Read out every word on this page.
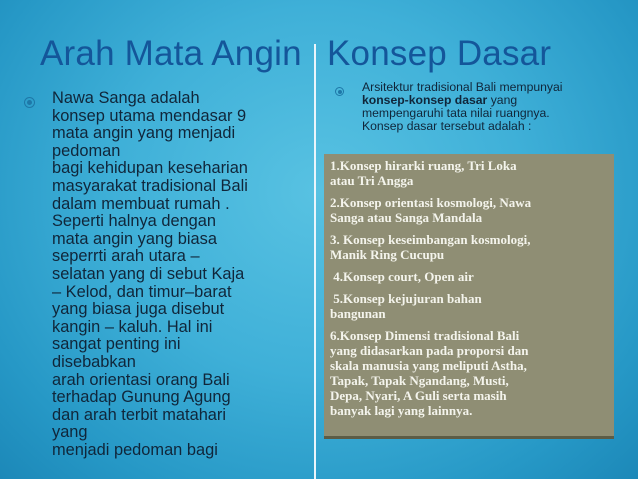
Arah Mata Angin Konsep Dasar
Nawa Sanga adalah
konsep utama mendasar 9
mata angin yang menjadi
pedoman
bagi kehidupan keseharian
masyarakat tradisional Bali
dalam membuat rumah .
Seperti halnya dengan
mata angin yang biasa
seperrti arah utara –
selatan yang di sebut Kaja
– Kelod, dan timur–barat
yang biasa juga disebut
kangin – kaluh. Hal ini
sangat penting ini
disebabkan
arah orientasi orang Bali
terhadap Gunung Agung
dan arah terbit matahari
yang
menjadi pedoman bagi
Arsitektur tradisional Bali mempunyai
konsep-konsep dasar yang
mempengaruhi tata nilai ruangnya.
Konsep dasar tersebut adalah :
1.Konsep hirarki ruang, Tri Loka
atau Tri Angga
2.Konsep orientasi kosmologi, Nawa
Sanga atau Sanga Mandala
3. Konsep keseimbangan kosmologi,
Manik Ring Cucupu
4.Konsep court, Open air
5.Konsep kejujuran bahan
bangunan
6.Konsep Dimensi tradisional Bali
yang didasarkan pada proporsi dan
skala manusia yang meliputi Astha,
Tapak, Tapak Ngandang, Musti,
Depa, Nyari, A Guli serta masih
banyak lagi yang lainnya.
